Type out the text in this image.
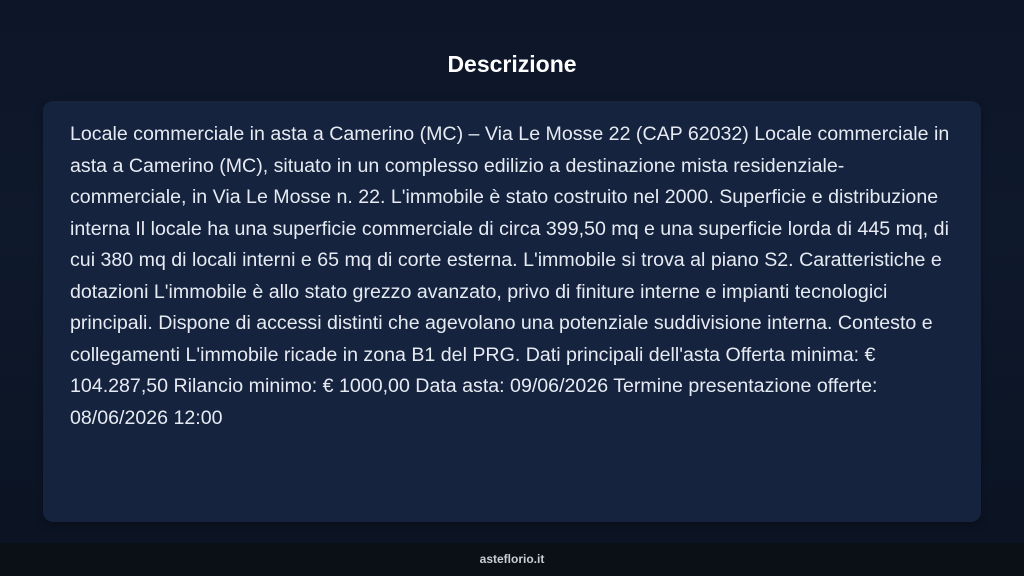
Descrizione

Locale commerciale in asta a Camerino (MC) – Via Le Mosse 22 (CAP 62032) Locale commerciale in asta a Camerino (MC), situato in un complesso edilizio a destinazione mista residenziale-commerciale, in Via Le Mosse n. 22. L'immobile è stato costruito nel 2000. Superficie e distribuzione interna Il locale ha una superficie commerciale di circa 399,50 mq e una superficie lorda di 445 mq, di cui 380 mq di locali interni e 65 mq di corte esterna. L'immobile si trova al piano S2. Caratteristiche e dotazioni L'immobile è allo stato grezzo avanzato, privo di finiture interne e impianti tecnologici principali. Dispone di accessi distinti che agevolano una potenziale suddivisione interna. Contesto e collegamenti L'immobile ricade in zona B1 del PRG. Dati principali dell'asta Offerta minima: € 104.287,50 Rilancio minimo: € 1000,00 Data asta: 09/06/2026 Termine presentazione offerte: 08/06/2026 12:00

asteflorio.it
